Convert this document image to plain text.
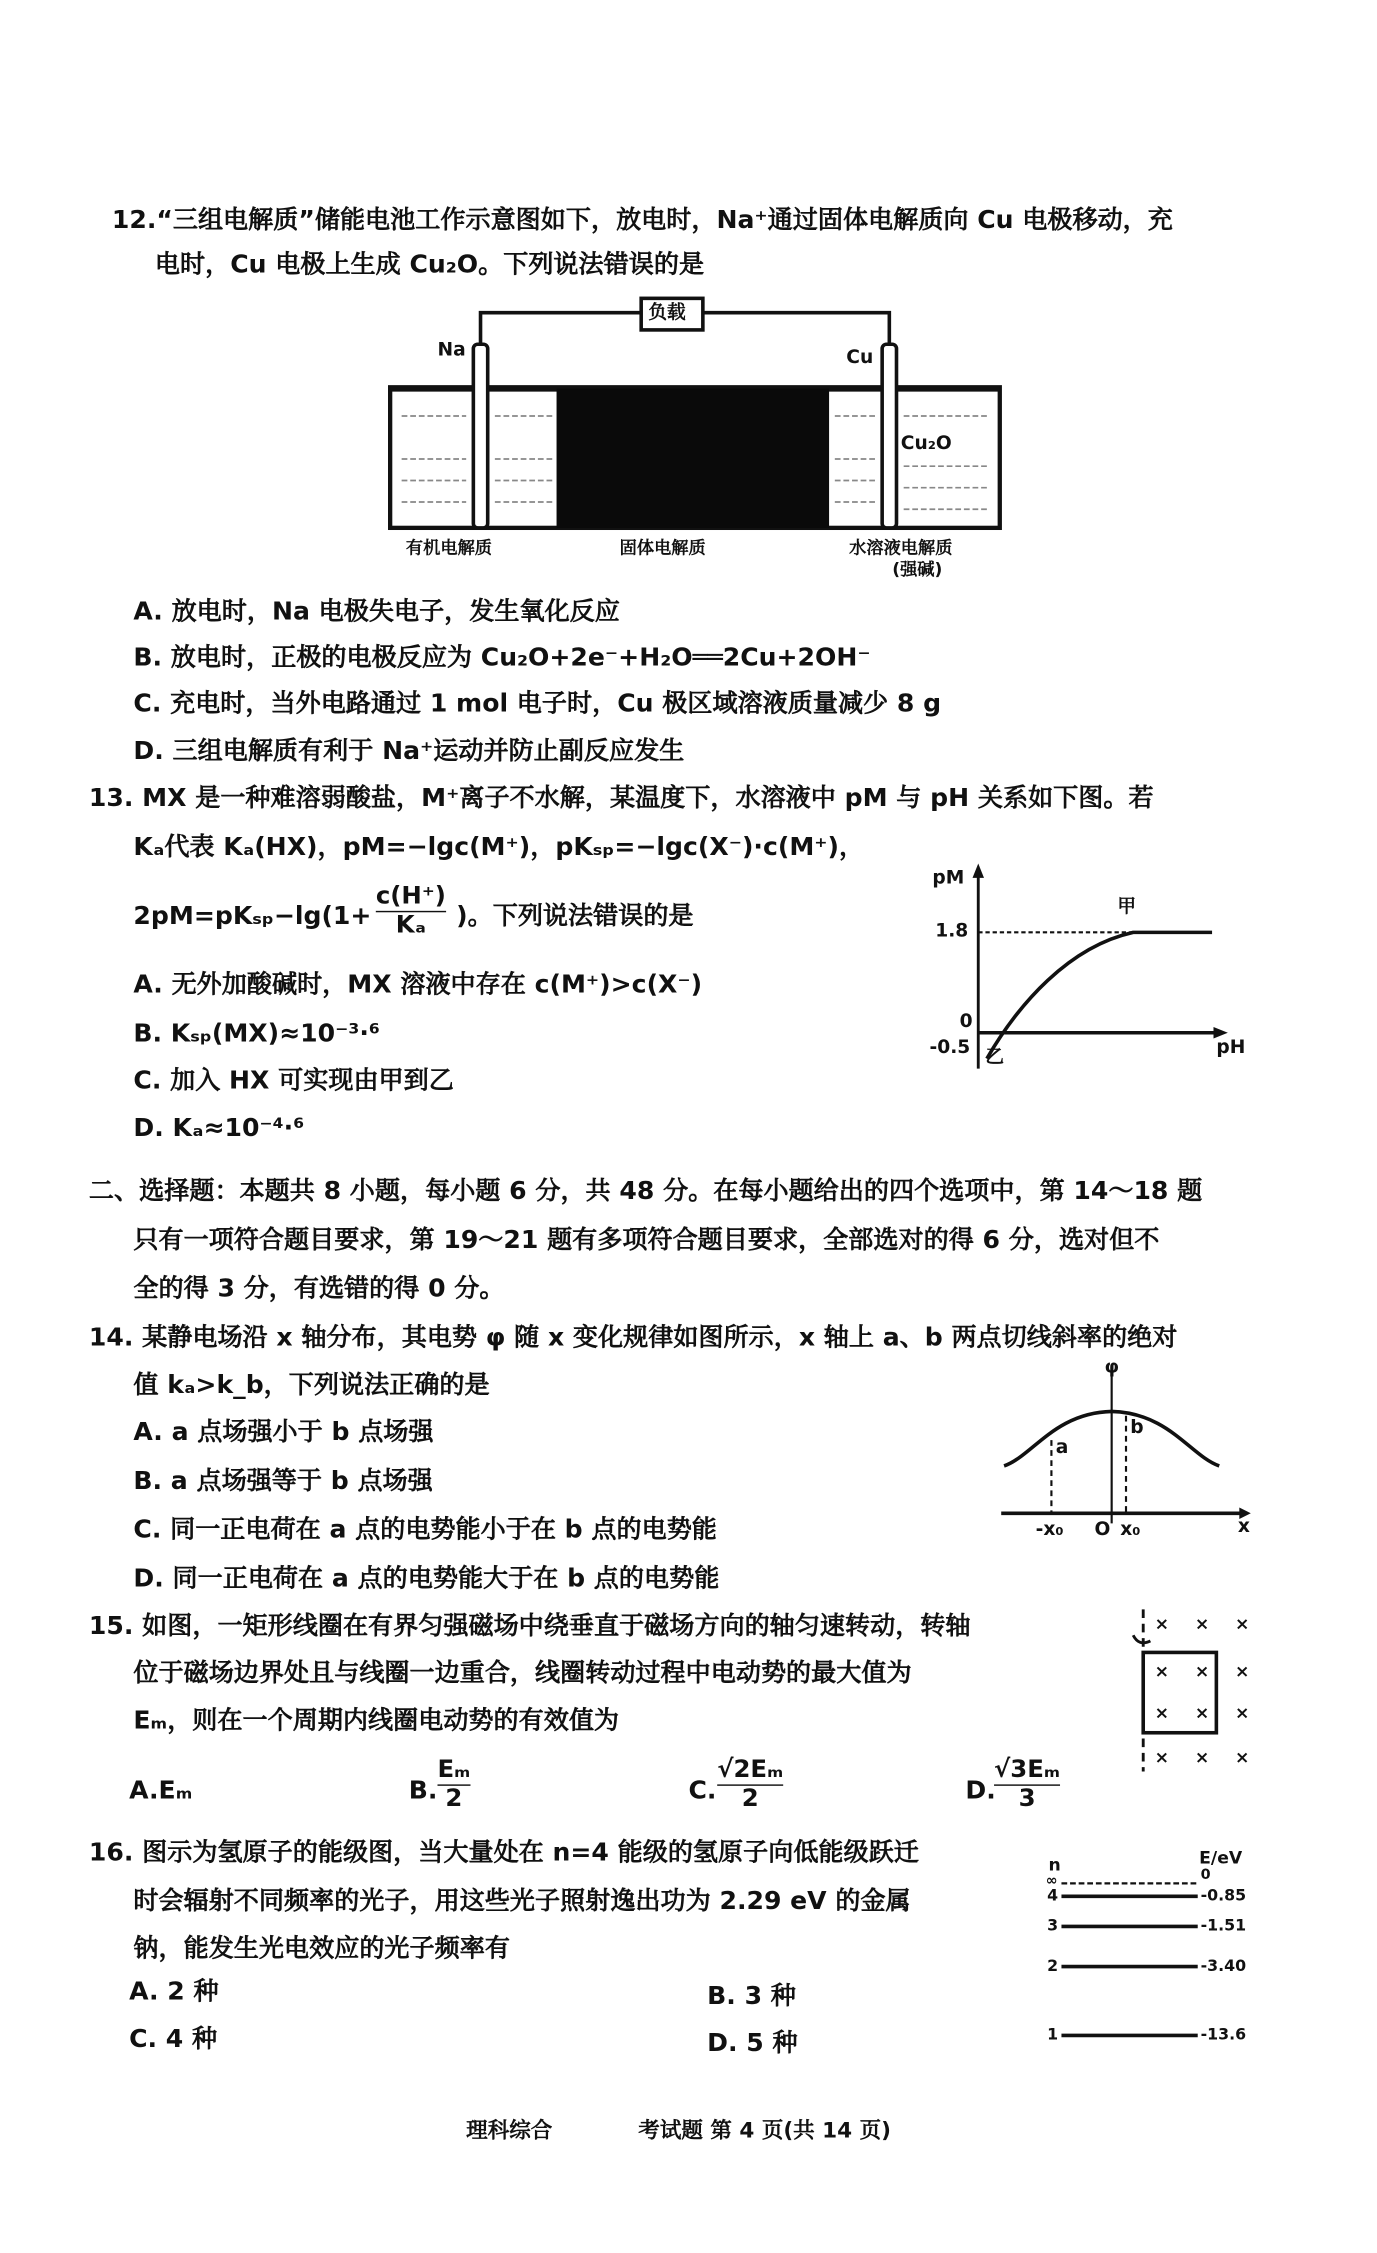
12.“三组电解质”储能电池工作示意图如下，放电时，Na⁺通过固体电解质向 Cu 电极移动，充
电时，Cu 电极上生成 Cu₂O。下列说法错误的是
负载
Na	Cu
Cu₂O
有机电解质	固体电解质	水溶液电解质
(强碱)
A. 放电时，Na 电极失电子，发生氧化反应
B. 放电时，正极的电极反应为 Cu₂O+2e⁻+H₂O══2Cu+2OH⁻
C. 充电时，当外电路通过 1 mol 电子时，Cu 极区域溶液质量减少 8 g
D. 三组电解质有利于 Na⁺运动并防止副反应发生
13. MX 是一种难溶弱酸盐，M⁺离子不水解，某温度下，水溶液中 pM 与 pH 关系如下图。若
Kₐ代表 Kₐ(HX)，pM=−lgc(M⁺)，pKₛₚ=−lgc(X⁻)·c(M⁺)，
2pM=pKₛₚ−lg(1+
c(H⁺)
Kₐ )。下列说法错误的是
A. 无外加酸碱时，MX 溶液中存在 c(M⁺)>c(X⁻)
B. Kₛₚ(MX)≈10⁻³·⁶
C. 加入 HX 可实现由甲到乙
D. Kₐ≈10⁻⁴·⁶
pM
1.8
0
-0.5
甲
乙	pH
二、选择题：本题共 8 小题，每小题 6 分，共 48 分。在每小题给出的四个选项中，第 14～18 题
只有一项符合题目要求，第 19～21 题有多项符合题目要求，全部选对的得 6 分，选对但不
全的得 3 分，有选错的得 0 分。
14. 某静电场沿 x 轴分布，其电势 φ 随 x 变化规律如图所示，x 轴上 a、b 两点切线斜率的绝对
值 kₐ>k_b，下列说法正确的是
A. a 点场强小于 b 点场强
B. a 点场强等于 b 点场强
C. 同一正电荷在 a 点的电势能小于在 b 点的电势能
D. 同一正电荷在 a 点的电势能大于在 b 点的电势能
φ
a
b
-x₀ O x₀	x
15. 如图，一矩形线圈在有界匀强磁场中绕垂直于磁场方向的轴匀速转动，转轴
位于磁场边界处且与线圈一边重合，线圈转动过程中电动势的最大值为
Eₘ，则在一个周期内线圈电动势的有效值为
A.Eₘ	B.
Eₘ
2	C.
√2Eₘ
2	D.
√3Eₘ
3
× × ×
× × ×
× × ×
× × ×
16. 图示为氢原子的能级图，当大量处在 n=4 能级的氢原子向低能级跃迁
时会辐射不同频率的光子，用这些光子照射逸出功为 2.29 eV 的金属
钠，能发生光电效应的光子频率有
A. 2 种	B. 3 种
C. 4 种	D. 5 种
n	E/eV
∞	0
4	-0.85
3	-1.51
2	-3.40
1	-13.6
理科综合	考试题 第 4 页(共 14 页)
